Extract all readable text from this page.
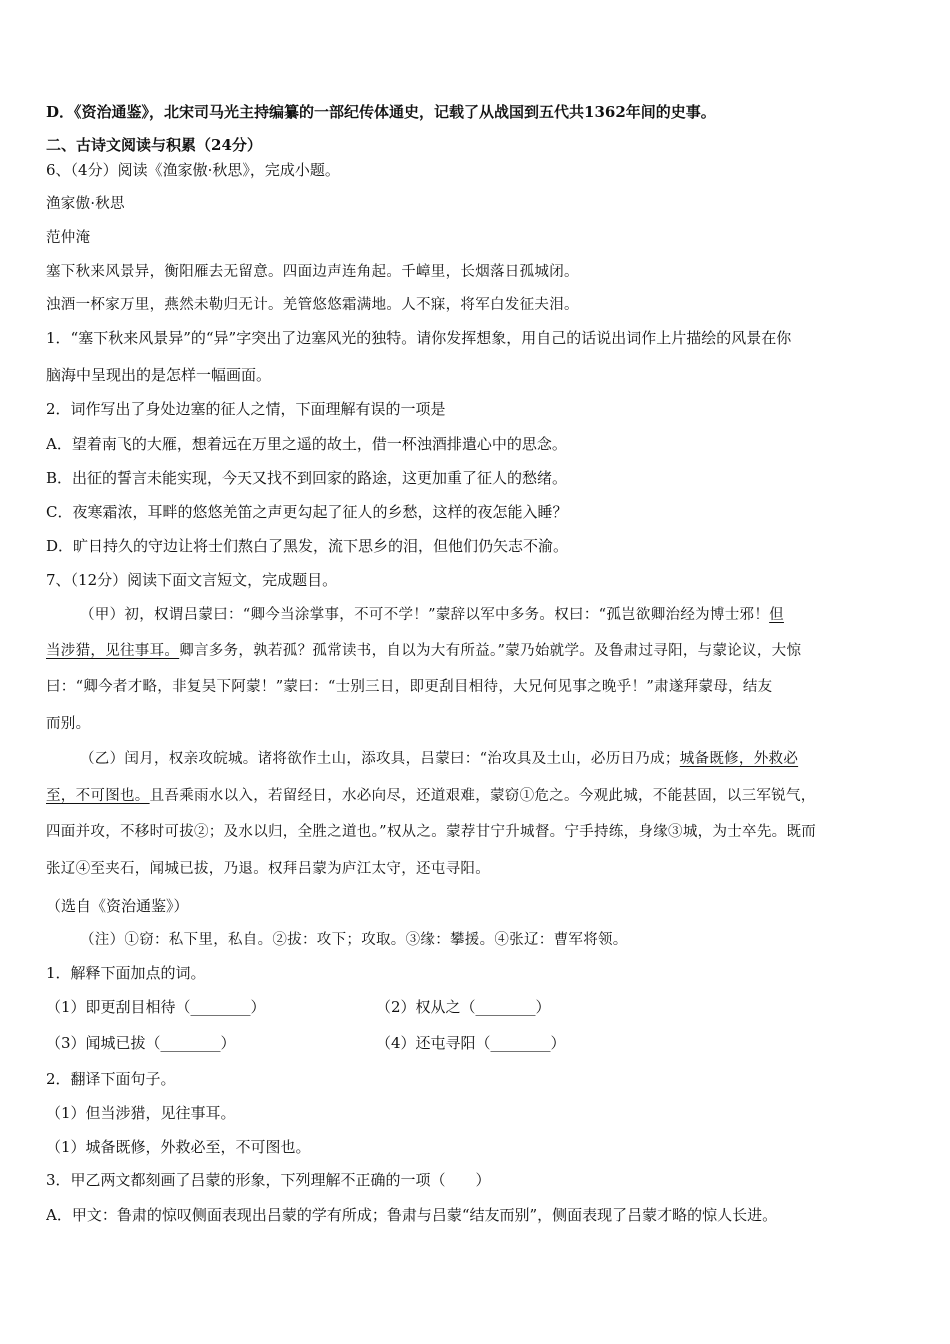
D．《资治通鉴》，北宋司马光主持编纂的一部纪传体通史，记载了从战国到五代共1362年间的史事。
二、古诗文阅读与积累（24分）
6、（4分）阅读《渔家傲·秋思》，完成小题。
渔家傲·秋思
范仲淹
塞下秋来风景异，衡阳雁去无留意。四面边声连角起。千嶂里，长烟落日孤城闭。
浊酒一杯家万里，燕然未勒归无计。羌管悠悠霜满地。人不寐，将军白发征夫泪。
1．“塞下秋来风景异”的“异”字突出了边塞风光的独特。请你发挥想象，用自己的话说出词作上片描绘的风景在你
脑海中呈现出的是怎样一幅画面。
2．词作写出了身处边塞的征人之情，下面理解有误的一项是
A．望着南飞的大雁，想着远在万里之遥的故土，借一杯浊酒排遣心中的思念。
B．出征的誓言未能实现，今天又找不到回家的路途，这更加重了征人的愁绪。
C．夜寒霜浓，耳畔的悠悠羌笛之声更勾起了征人的乡愁，这样的夜怎能入睡？
D．旷日持久的守边让将士们熬白了黑发，流下思乡的泪，但他们仍矢志不渝。
7、（12分）阅读下面文言短文，完成题目。
（甲）初，权谓吕蒙曰：“卿今当涂掌事，不可不学！”蒙辞以军中多务。权曰：“孤岂欲卿治经为博士邪！但
当涉猎，见往事耳。卿言多务，孰若孤？孤常读书，自以为大有所益。”蒙乃始就学。及鲁肃过寻阳，与蒙论议，大惊
曰：“卿今者才略，非复吴下阿蒙！”蒙曰：“士别三日，即更刮目相待，大兄何见事之晚乎！”肃遂拜蒙母，结友
而别。
（乙）闰月，权亲攻皖城。诸将欲作土山，添攻具，吕蒙曰：“治攻具及土山，必历日乃成；城备既修，外救必
至，不可图也。且吾乘雨水以入，若留经日，水必向尽，还道艰难，蒙窃①危之。今观此城，不能甚固，以三军锐气，
四面并攻，不移时可拔②；及水以归，全胜之道也。”权从之。蒙荐甘宁升城督。宁手持练，身缘③城，为士卒先。既而
张辽④至夹石，闻城已拔，乃退。权拜吕蒙为庐江太守，还屯寻阳。
（选自《资治通鉴》）
（注）①窃：私下里，私自。②拔：攻下；攻取。③缘：攀援。④张辽：曹军将领。
1．解释下面加点的词。
（1）即更刮目相待（________）	（2）权从之（________）
（3）闻城已拔（________）	（4）还屯寻阳（________）
2．翻译下面句子。
（1）但当涉猎，见往事耳。
（1）城备既修，外救必至，不可图也。
3．甲乙两文都刻画了吕蒙的形象，下列理解不正确的一项（　　）
A．甲文：鲁肃的惊叹侧面表现出吕蒙的学有所成；鲁肃与吕蒙“结友而别”，侧面表现了吕蒙才略的惊人长进。
